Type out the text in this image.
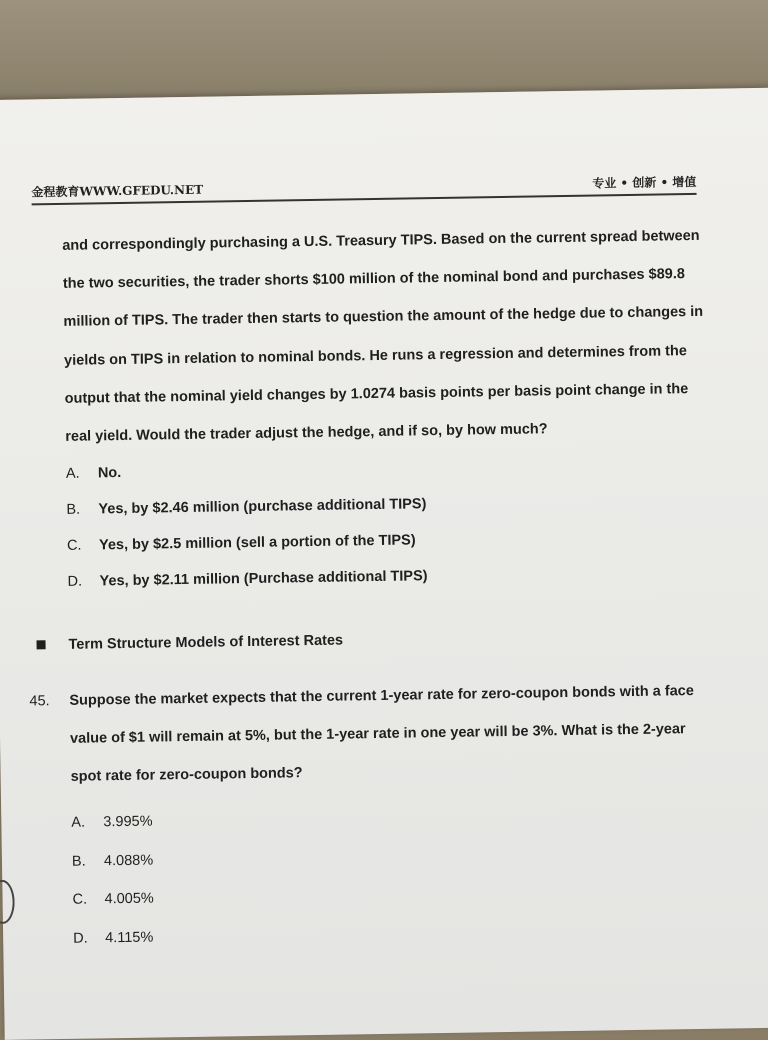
金程教育WWW.GFEDU.NET	专业 • 创新 • 增值

and correspondingly purchasing a U.S. Treasury TIPS. Based on the current spread between the two securities, the trader shorts $100 million of the nominal bond and purchases $89.8 million of TIPS. The trader then starts to question the amount of the hedge due to changes in yields on TIPS in relation to nominal bonds. He runs a regression and determines from the output that the nominal yield changes by 1.0274 basis points per basis point change in the real yield. Would the trader adjust the hedge, and if so, by how much?

A. No.
B. Yes, by $2.46 million (purchase additional TIPS)
C. Yes, by $2.5 million (sell a portion of the TIPS)
D. Yes, by $2.11 million (Purchase additional TIPS)
Term Structure Models of Interest Rates
45. Suppose the market expects that the current 1-year rate for zero-coupon bonds with a face value of $1 will remain at 5%, but the 1-year rate in one year will be 3%. What is the 2-year spot rate for zero-coupon bonds?

A. 3.995%
B. 4.088%
C. 4.005%
D. 4.115%
